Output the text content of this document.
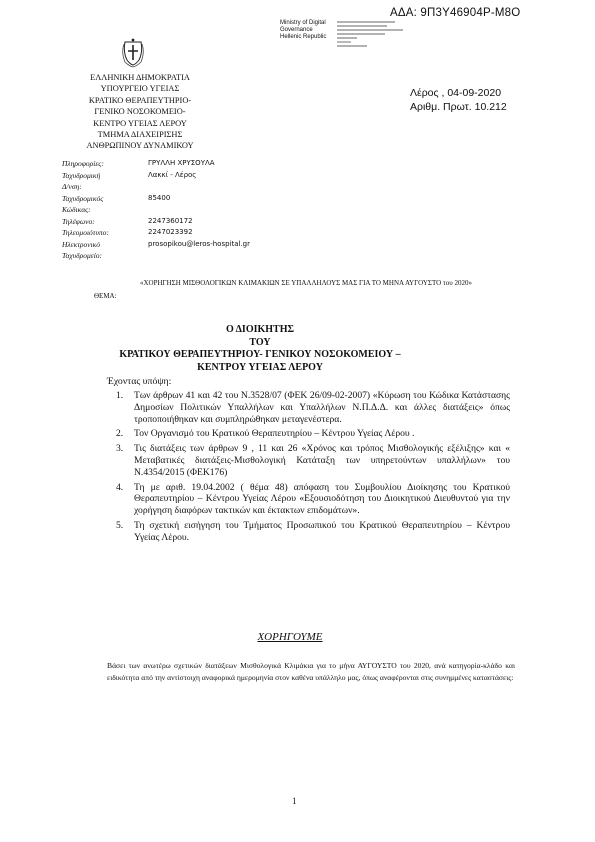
ΑΔΑ: 9Π3Υ46904Ρ-Μ8Ο
Ministry of Digital
Governance
Hellenic Republic
ΕΛΛΗΝΙΚΗ ΔΗΜΟΚΡΑΤΙΑ
ΥΠΟΥΡΓΕΙΟ ΥΓΕΙΑΣ
ΚΡΑΤΙΚΟ ΘΕΡΑΠΕΥΤΗΡΙΟ-
ΓΕΝΙΚΟ ΝΟΣΟΚΟΜΕΙΟ-
ΚΕΝΤΡΟ ΥΓΕΙΑΣ ΛΕΡΟΥ
ΤΜΗΜΑ ΔΙΑΧΕΙΡΙΣΗΣ
ΑΝΘΡΩΠΙΝΟΥ ΔΥΝΑΜΙΚΟΥ
Λέρος , 04-09-2020
Αριθμ. Πρωτ. 10.212
Πληροφορίες:	ΓΡΥΛΛΗ ΧΡΥΣΟΥΛΑ
Ταχυδρομική Δ/νση:
Λακκί - Λέρος
Ταχυδρομικός	85400
Κώδικας:
Τηλέφωνο:	2247360172
Τηλεομοιότυπο:	2247023392
Ηλεκτρονικό	prosopikou@leros-hospital.gr
Ταχυδρομείο:
ΘΕΜΑ:
«ΧΟΡΗΓΗΣΗ ΜΙΣΘΟΛΟΓΙΚΩΝ ΚΛΙΜΑΚΙΩΝ ΣΕ ΥΠΑΛΛΗΛΟΥΣ ΜΑΣ ΓΙΑ ΤΟ ΜΗΝΑ ΑΥΓΟΥΣΤΟ του 2020»
Ο ΔΙΟΙΚΗΤΗΣ
ΤΟΥ
ΚΡΑΤΙΚΟΥ ΘΕΡΑΠΕΥΤΗΡΙΟΥ- ΓΕΝΙΚΟΥ ΝΟΣΟΚΟΜΕΙΟΥ –
ΚΕΝΤΡΟΥ ΥΓΕΙΑΣ ΛΕΡΟΥ
Έχοντας υπόψη:
1. Των άρθρων 41 και 42 του Ν.3528/07 (ΦΕΚ 26/09-02-2007) «Κύρωση του Κώδικα Κατάστασης Δημοσίων Πολιτικών Υπαλλήλων και Υπαλλήλων Ν.Π.Δ.Δ. και άλλες διατάξεις» όπως τροποποιήθηκαν και συμπληρώθηκαν μεταγενέστερα.
2. Τον Οργανισμό του Κρατικού Θεραπευτηρίου – Κέντρου Υγείας Λέρου .
3. Τις διατάξεις των άρθρων 9 , 11 και 26 «Χρόνος και τρόπος Μισθολογικής εξέλιξης» και « Μεταβατικές διατάξεις-Μισθολογική Κατάταξη των υπηρετούντων υπαλλήλων» του Ν.4354/2015 (ΦΕΚ176)
4. Τη με αριθ. 19.04.2002 ( θέμα 48) απόφαση του Συμβουλίου Διοίκησης του Κρατικού Θεραπευτηρίου – Κέντρου Υγείας Λέρου «Εξουσιοδότηση του Διοικητικού Διευθυντού για την χορήγηση διαφόρων τακτικών και έκτακτων επιδομάτων».
5. Τη σχετική εισήγηση του Τμήματος Προσωπικού του Κρατικού Θεραπευτηρίου – Κέντρου Υγείας Λέρου.
ΧΟΡΗΓΟΥΜΕ
Βάσει των ανωτέρω σχετικών διατάξεων Μισθολογικά Κλιμάκια για το μήνα ΑΥΓΟΥΣΤΟ του 2020, ανά κατηγορία-κλάδο και ειδικότητα από την αντίστοιχη αναφορικά ημερομηνία στον καθένα υπάλληλο μας, όπως αναφέρονται στις συνημμένες καταστάσεις:
1
